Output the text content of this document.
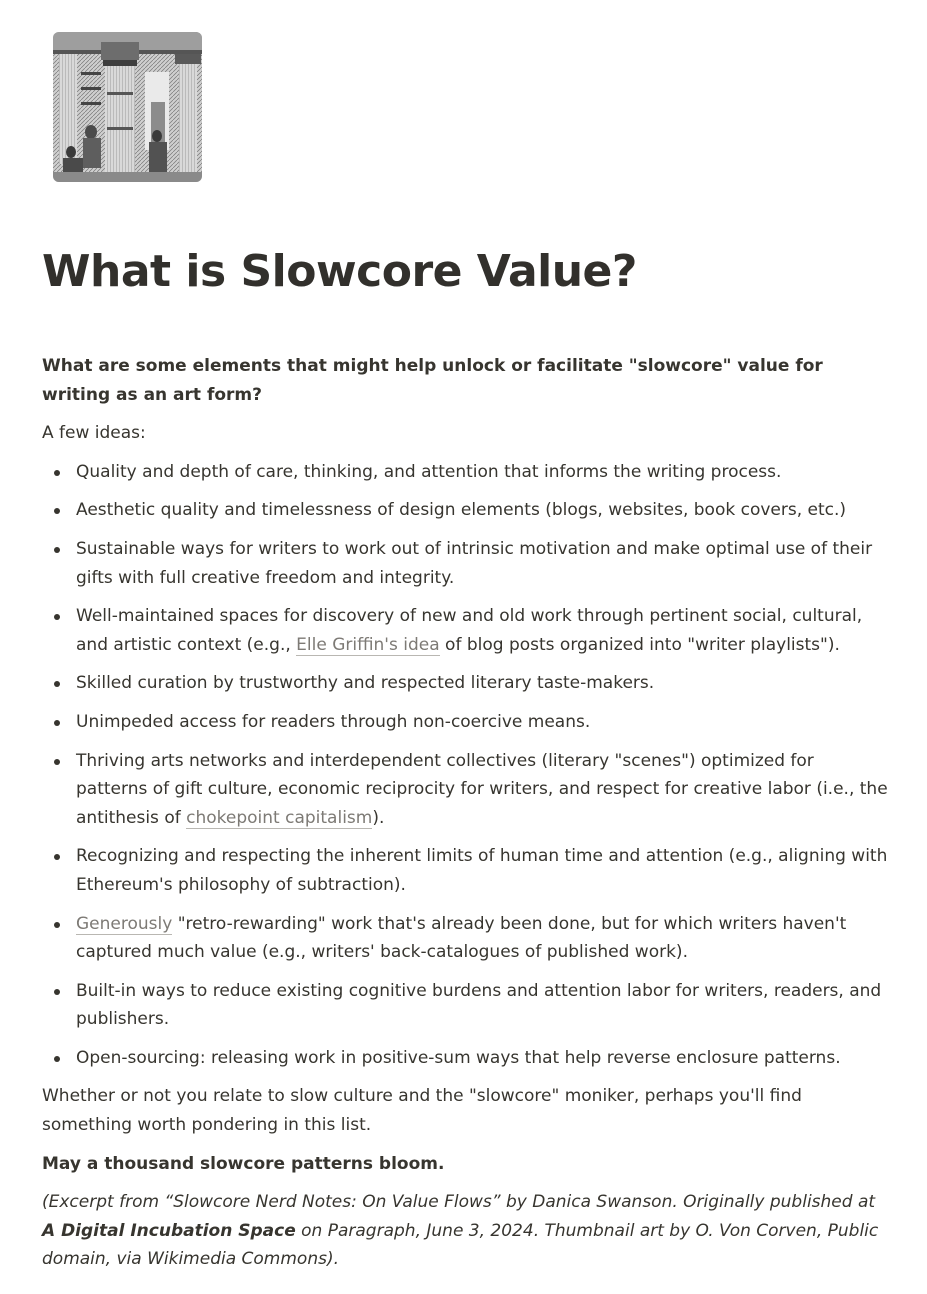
What is Slowcore Value?

What are some elements that might help unlock or facilitate "slowcore" value for writing as an art form?

A few ideas:

Quality and depth of care, thinking, and attention that informs the writing process.
Aesthetic quality and timelessness of design elements (blogs, websites, book covers, etc.)
Sustainable ways for writers to work out of intrinsic motivation and make optimal use of their gifts with full creative freedom and integrity.
Well-maintained spaces for discovery of new and old work through pertinent social, cultural, and artistic context (e.g., Elle Griffin's idea of blog posts organized into "writer playlists").
Skilled curation by trustworthy and respected literary taste-makers.
Unimpeded access for readers through non-coercive means.
Thriving arts networks and interdependent collectives (literary "scenes") optimized for patterns of gift culture, economic reciprocity for writers, and respect for creative labor (i.e., the antithesis of chokepoint capitalism).
Recognizing and respecting the inherent limits of human time and attention (e.g., aligning with Ethereum's philosophy of subtraction).
Generously "retro-rewarding" work that's already been done, but for which writers haven't captured much value (e.g., writers' back-catalogues of published work).
Built-in ways to reduce existing cognitive burdens and attention labor for writers, readers, and publishers.
Open-sourcing: releasing work in positive-sum ways that help reverse enclosure patterns.

Whether or not you relate to slow culture and the "slowcore" moniker, perhaps you'll find something worth pondering in this list.

May a thousand slowcore patterns bloom.

(Excerpt from “Slowcore Nerd Notes: On Value Flows” by Danica Swanson. Originally published at A Digital Incubation Space on Paragraph, June 3, 2024. Thumbnail art by O. Von Corven, Public domain, via Wikimedia Commons).
